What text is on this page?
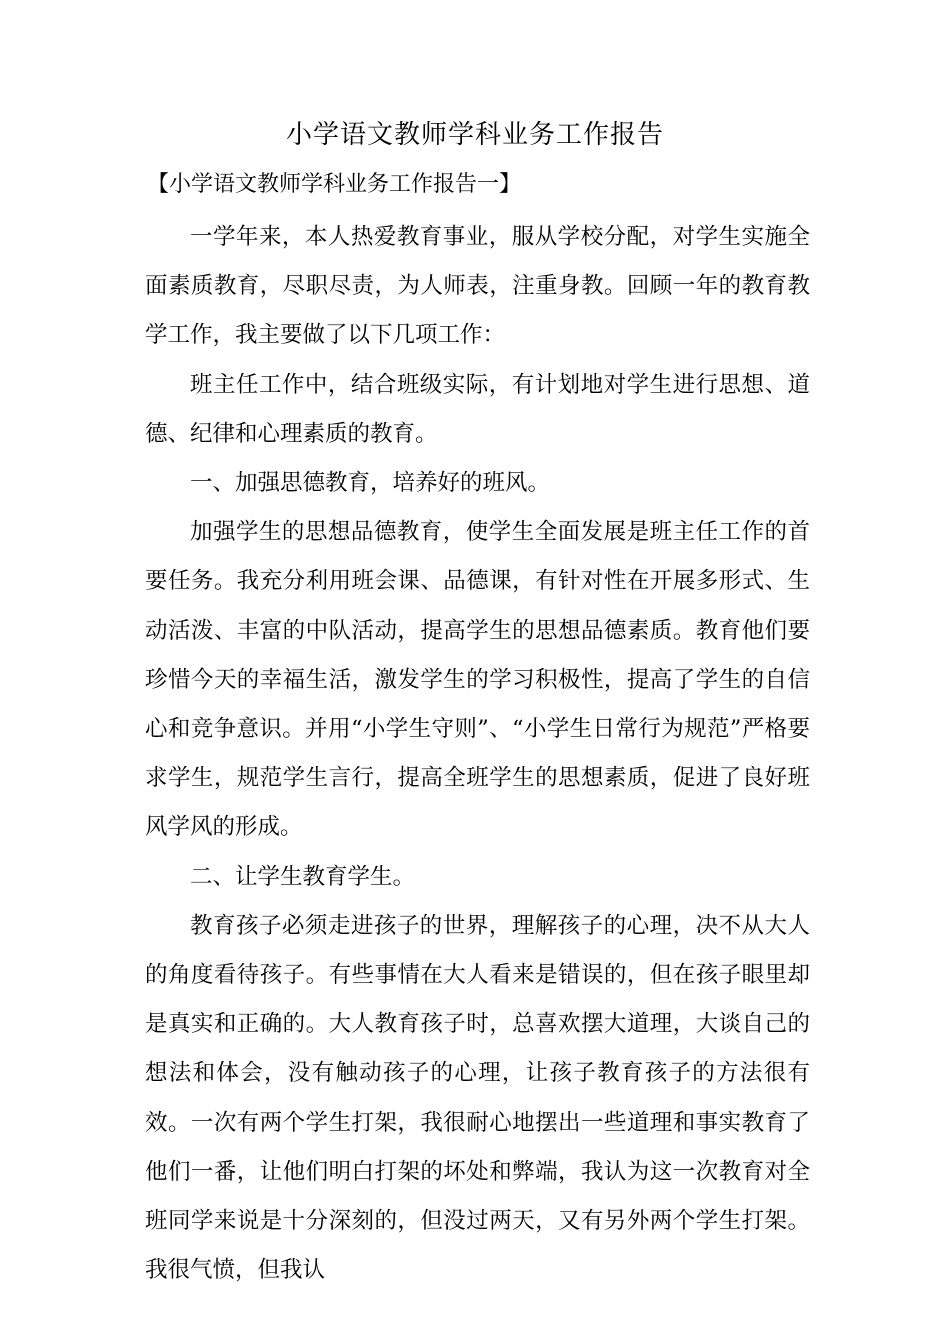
小学语文教师学科业务工作报告
【小学语文教师学科业务工作报告一】

一学年来，本人热爱教育事业，服从学校分配，对学生实施全面素质教育，尽职尽责，为人师表，注重身教。回顾一年的教育教学工作，我主要做了以下几项工作：

班主任工作中，结合班级实际，有计划地对学生进行思想、道德、纪律和心理素质的教育。

一、加强思德教育，培养好的班风。

加强学生的思想品德教育，使学生全面发展是班主任工作的首要任务。我充分利用班会课、品德课，有针对性在开展多形式、生动活泼、丰富的中队活动，提高学生的思想品德素质。教育他们要珍惜今天的幸福生活，激发学生的学习积极性，提高了学生的自信心和竞争意识。并用“小学生守则”、“小学生日常行为规范”严格要求学生，规范学生言行，提高全班学生的思想素质，促进了良好班风学风的形成。

二、让学生教育学生。

教育孩子必须走进孩子的世界，理解孩子的心理，决不从大人的角度看待孩子。有些事情在大人看来是错误的，但在孩子眼里却是真实和正确的。大人教育孩子时，总喜欢摆大道理，大谈自己的想法和体会，没有触动孩子的心理，让孩子教育孩子的方法很有效。一次有两个学生打架，我很耐心地摆出一些道理和事实教育了他们一番，让他们明白打架的坏处和弊端，我认为这一次教育对全班同学来说是十分深刻的，但没过两天，又有另外两个学生打架。我很气愤，但我认
